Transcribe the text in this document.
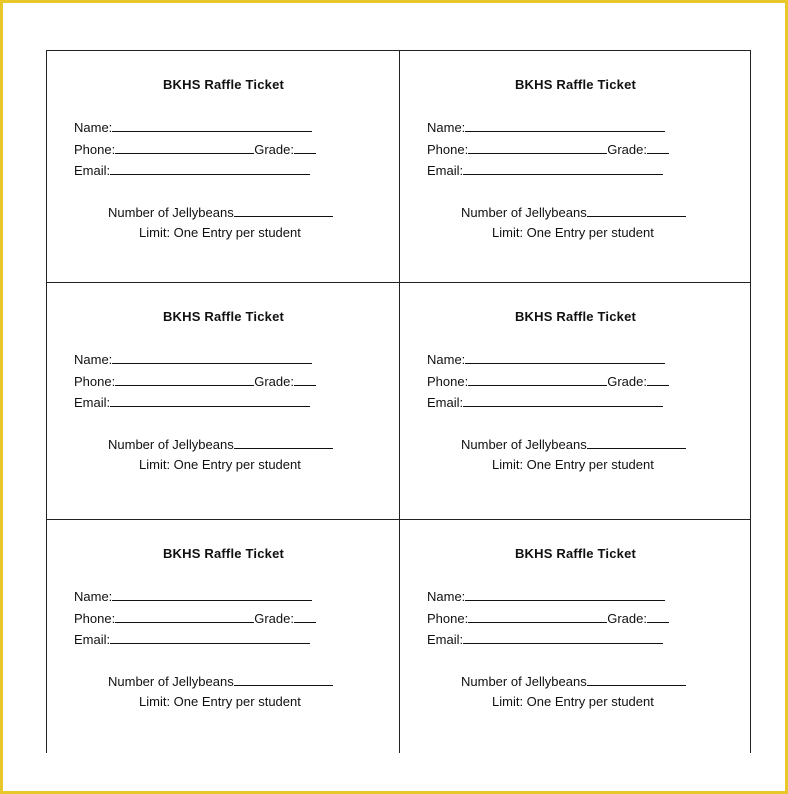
BKHS Raffle Ticket
Name:
Phone:	Grade:
Email:
Number of Jellybeans
Limit: One Entry per student
BKHS Raffle Ticket
Name:
Phone:	Grade:
Email:
Number of Jellybeans
Limit: One Entry per student
BKHS Raffle Ticket
Name:
Phone:	Grade:
Email:
Number of Jellybeans
Limit: One Entry per student
BKHS Raffle Ticket
Name:
Phone:	Grade:
Email:
Number of Jellybeans
Limit: One Entry per student
BKHS Raffle Ticket
Name:
Phone:	Grade:
Email:
Number of Jellybeans
Limit: One Entry per student
BKHS Raffle Ticket
Name:
Phone:	Grade:
Email:
Number of Jellybeans
Limit: One Entry per student
